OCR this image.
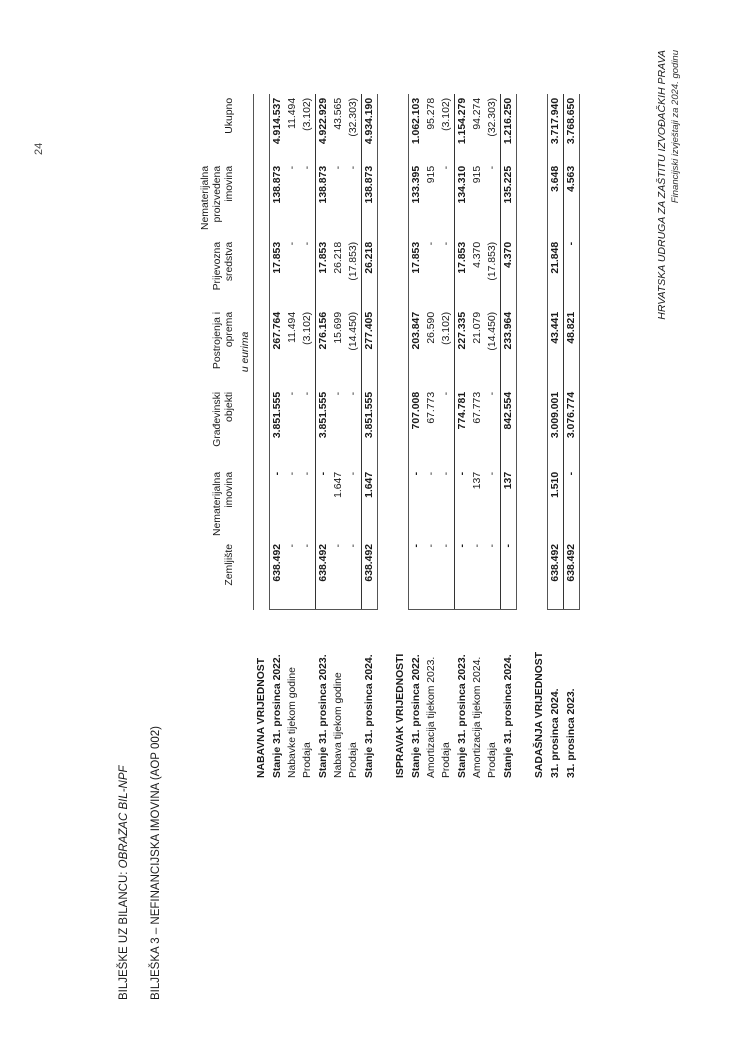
HRVATSKA UDRUGA ZA ZAŠTITU IZVOĐAČKIH PRAVA Financijski izvještaji za 2024. godinu
BILJEŠKE UZ BILANCU: OBRAZAC BIL-NPF BILJEŠKA 3 – NEFINANCIJSKA IMOVINA (AOP 002)
24
	Zemljište	Nematerijalna imovina	Građevinski objekti	Postrojenja i oprema	Prijevozna sredstva	Nematerijalna proizvedena imovina	Ukupno
	u eurima						
NABAVNA VRIJEDNOST							
Stanje 31. prosinca 2022.	638.492	-	3.851.555	267.764	17.853	138.873	4.914.537
Nabavke tijekom godine	-	-	-	11.494	-	-	11.494
Prodaja	-	-	-	(3.102)	-	-	(3.102)
Stanje 31. prosinca 2023.	638.492	-	3.851.555	276.156	17.853	138.873	4.922.929
Nabava tijekom godine	-	1.647	-	15.699	26.218	-	43.565
Prodaja	-	-	-	(14.450)	(17.853)	-	(32.303)
Stanje 31. prosinca 2024.	638.492	1.647	3.851.555	277.405	26.218	138.873	4.934.190

ISPRAVAK VRIJEDNOSTI							
Stanje 31. prosinca 2022.	-	-	707.008	203.847	17.853	133.395	1.062.103
Amortizacija tijekom 2023.	-	-	67.773	26.590	-	915	95.278
Prodaja	-	-	-	(3.102)	-	-	(3.102)
Stanje 31. prosinca 2023.	-	-	774.781	227.335	17.853	134.310	1.154.279
Amortizacija tijekom 2024.	-	137	67.773	21.079	4.370	915	94.274
Prodaja	-	-	-	(14.450)	(17.853)	-	(32.303)
Stanje 31. prosinca 2024.	-	137	842.554	233.964	4.370	135.225	1.216.250

SADAŠNJA VRIJEDNOST							
31. prosinca 2024.	638.492	1.510	3.009.001	43.441	21.848	3.648	3.717.940
31. prosinca 2023.	638.492	-	3.076.774	48.821	-	4.563	3.768.650
